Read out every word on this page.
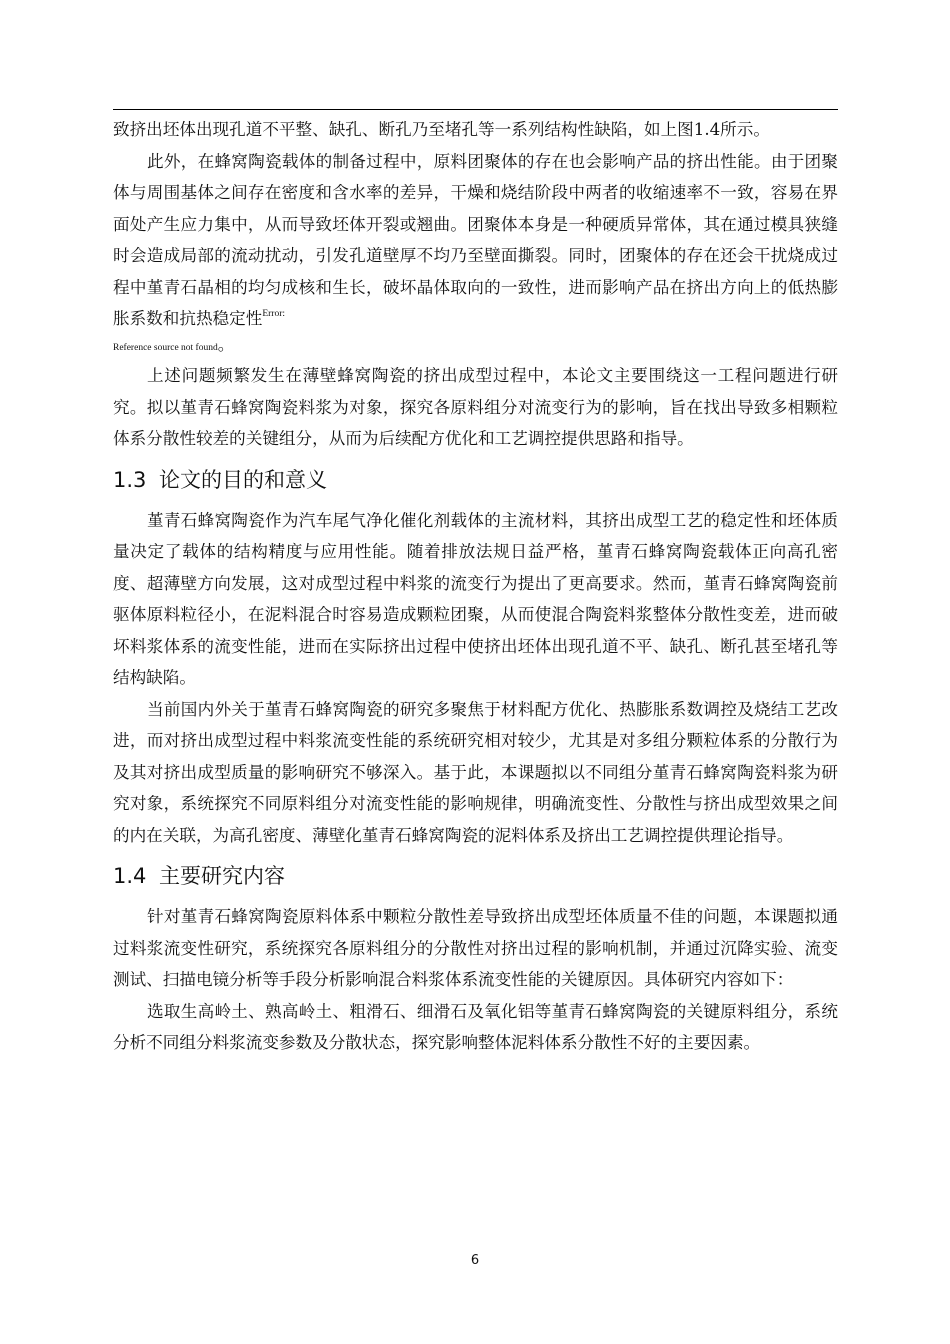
致挤出坯体出现孔道不平整、缺孔、断孔乃至堵孔等一系列结构性缺陷，如上图1.4所示。

此外，在蜂窝陶瓷载体的制备过程中，原料团聚体的存在也会影响产品的挤出性能。由于团聚体与周围基体之间存在密度和含水率的差异，干燥和烧结阶段中两者的收缩速率不一致，容易在界面处产生应力集中，从而导致坯体开裂或翘曲。团聚体本身是一种硬质异常体，其在通过模具狭缝时会造成局部的流动扰动，引发孔道壁厚不均乃至壁面撕裂。同时，团聚体的存在还会干扰烧成过程中堇青石晶相的均匀成核和生长，破坏晶体取向的一致性，进而影响产品在挤出方向上的低热膨胀系数和抗热稳定性$^{Error:}$

Reference source not found。

上述问题频繁发生在薄壁蜂窝陶瓷的挤出成型过程中，本论文主要围绕这一工程问题进行研究。拟以堇青石蜂窝陶瓷料浆为对象，探究各原料组分对流变行为的影响，旨在找出导致多相颗粒体系分散性较差的关键组分，从而为后续配方优化和工艺调控提供思路和指导。

1.3 论文的目的和意义

堇青石蜂窝陶瓷作为汽车尾气净化催化剂载体的主流材料，其挤出成型工艺的稳定性和坯体质量决定了载体的结构精度与应用性能。随着排放法规日益严格，堇青石蜂窝陶瓷载体正向高孔密度、超薄壁方向发展，这对成型过程中料浆的流变行为提出了更高要求。然而，堇青石蜂窝陶瓷前驱体原料粒径小，在泥料混合时容易造成颗粒团聚，从而使混合陶瓷料浆整体分散性变差，进而破坏料浆体系的流变性能，进而在实际挤出过程中使挤出坯体出现孔道不平、缺孔、断孔甚至堵孔等结构缺陷。

当前国内外关于堇青石蜂窝陶瓷的研究多聚焦于材料配方优化、热膨胀系数调控及烧结工艺改进，而对挤出成型过程中料浆流变性能的系统研究相对较少，尤其是对多组分颗粒体系的分散行为及其对挤出成型质量的影响研究不够深入。基于此，本课题拟以不同组分堇青石蜂窝陶瓷料浆为研究对象，系统探究不同原料组分对流变性能的影响规律，明确流变性、分散性与挤出成型效果之间的内在关联，为高孔密度、薄壁化堇青石蜂窝陶瓷的泥料体系及挤出工艺调控提供理论指导。

1.4 主要研究内容

针对堇青石蜂窝陶瓷原料体系中颗粒分散性差导致挤出成型坯体质量不佳的问题，本课题拟通过料浆流变性研究，系统探究各原料组分的分散性对挤出过程的影响机制，并通过沉降实验、流变测试、扫描电镜分析等手段分析影响混合料浆体系流变性能的关键原因。具体研究内容如下：

选取生高岭土、熟高岭土、粗滑石、细滑石及氧化铝等堇青石蜂窝陶瓷的关键原料组分，系统分析不同组分料浆流变参数及分散状态，探究影响整体泥料体系分散性不好的主要因素。

6
